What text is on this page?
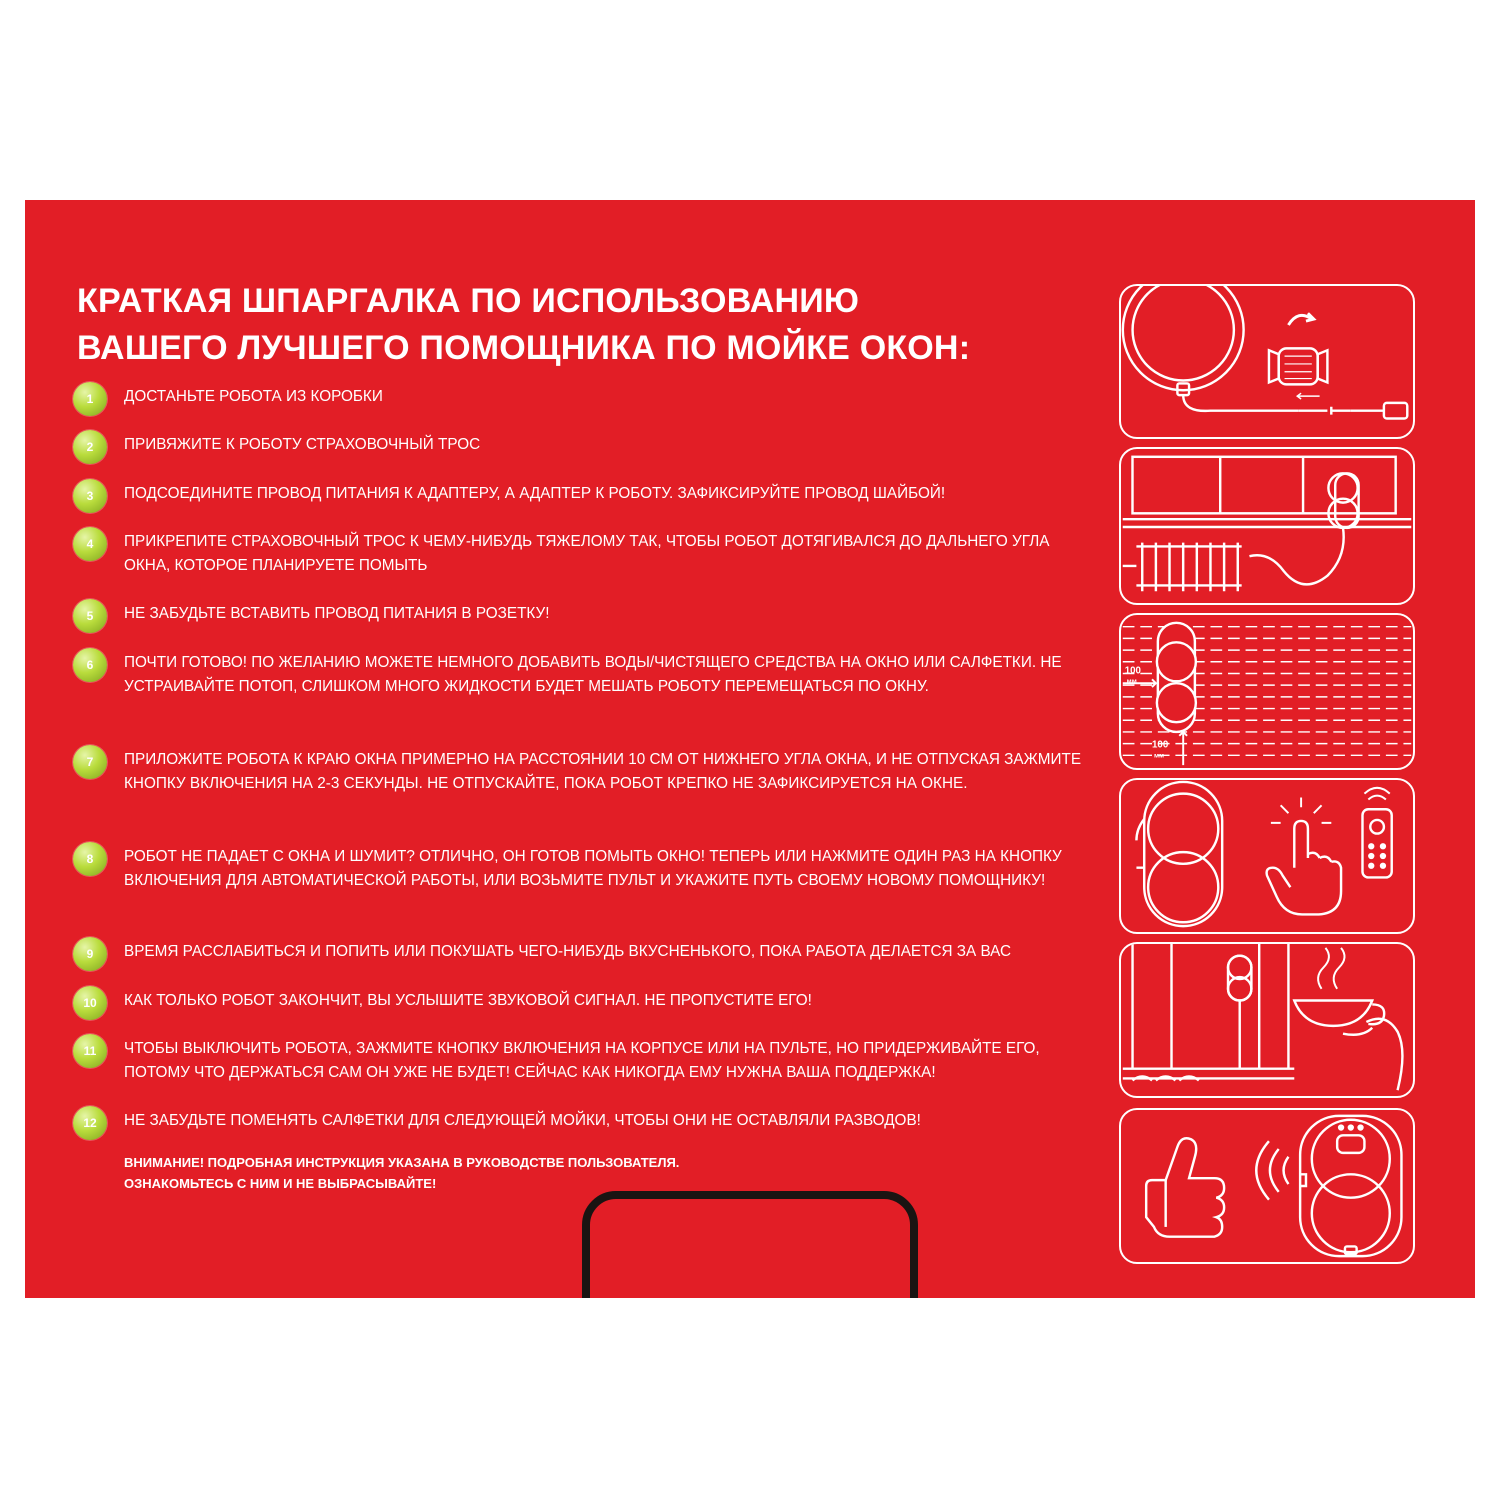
КРАТКАЯ ШПАРГАЛКА ПО ИСПОЛЬЗОВАНИЮ
ВАШЕГО ЛУЧШЕГО ПОМОЩНИКА ПО МОЙКЕ ОКОН:
1	ДОСТАНЬТЕ РОБОТА ИЗ КОРОБКИ
2	ПРИВЯЖИТЕ К РОБОТУ СТРАХОВОЧНЫЙ ТРОС
3	ПОДСОЕДИНИТЕ ПРОВОД ПИТАНИЯ К АДАПТЕРУ, А АДАПТЕР К РОБОТУ. ЗАФИКСИРУЙТЕ ПРОВОД ШАЙБОЙ!
4	ПРИКРЕПИТЕ СТРАХОВОЧНЫЙ ТРОС К ЧЕМУ-НИБУДЬ ТЯЖЕЛОМУ ТАК, ЧТОБЫ РОБОТ ДОТЯГИВАЛСЯ ДО ДАЛЬНЕГО УГЛА ОКНА, КОТОРОЕ ПЛАНИРУЕТЕ ПОМЫТЬ
5	НЕ ЗАБУДЬТЕ ВСТАВИТЬ ПРОВОД ПИТАНИЯ В РОЗЕТКУ!
6	ПОЧТИ ГОТОВО! ПО ЖЕЛАНИЮ МОЖЕТЕ НЕМНОГО ДОБАВИТЬ ВОДЫ/ЧИСТЯЩЕГО СРЕДСТВА НА ОКНО ИЛИ САЛФЕТКИ. НЕ УСТРАИВАЙТЕ ПОТОП, СЛИШКОМ МНОГО ЖИДКОСТИ БУДЕТ МЕШАТЬ РОБОТУ ПЕРЕМЕЩАТЬСЯ ПО ОКНУ.
7	ПРИЛОЖИТЕ РОБОТА К КРАЮ ОКНА ПРИМЕРНО НА РАССТОЯНИИ 10 СМ ОТ НИЖНЕГО УГЛА ОКНА, И НЕ ОТПУСКАЯ ЗАЖМИТЕ КНОПКУ ВКЛЮЧЕНИЯ НА 2-3 СЕКУНДЫ. НЕ ОТПУСКАЙТЕ, ПОКА РОБОТ КРЕПКО НЕ ЗАФИКСИРУЕТСЯ НА ОКНЕ.
8	РОБОТ НЕ ПАДАЕТ С ОКНА И ШУМИТ? ОТЛИЧНО, ОН ГОТОВ ПОМЫТЬ ОКНО! ТЕПЕРЬ ИЛИ НАЖМИТЕ ОДИН РАЗ НА КНОПКУ ВКЛЮЧЕНИЯ ДЛЯ АВТОМАТИЧЕСКОЙ РАБОТЫ, ИЛИ ВОЗЬМИТЕ ПУЛЬТ И УКАЖИТЕ ПУТЬ СВОЕМУ НОВОМУ ПОМОЩНИКУ!
9	ВРЕМЯ РАССЛАБИТЬСЯ И ПОПИТЬ ИЛИ ПОКУШАТЬ ЧЕГО-НИБУДЬ ВКУСНЕНЬКОГО, ПОКА РАБОТА ДЕЛАЕТСЯ ЗА ВАС
10	КАК ТОЛЬКО РОБОТ ЗАКОНЧИТ, ВЫ УСЛЫШИТЕ ЗВУКОВОЙ СИГНАЛ. НЕ ПРОПУСТИТЕ ЕГО!
11	ЧТОБЫ ВЫКЛЮЧИТЬ РОБОТА, ЗАЖМИТЕ КНОПКУ ВКЛЮЧЕНИЯ НА КОРПУСЕ ИЛИ НА ПУЛЬТЕ, НО ПРИДЕРЖИВАЙТЕ ЕГО, ПОТОМУ ЧТО ДЕРЖАТЬСЯ САМ ОН УЖЕ НЕ БУДЕТ! СЕЙЧАС КАК НИКОГДА ЕМУ НУЖНА ВАША ПОДДЕРЖКА!
12	НЕ ЗАБУДЬТЕ ПОМЕНЯТЬ САЛФЕТКИ ДЛЯ СЛЕДУЮЩЕЙ МОЙКИ, ЧТОБЫ ОНИ НЕ ОСТАВЛЯЛИ РАЗВОДОВ!
ВНИМАНИЕ! ПОДРОБНАЯ ИНСТРУКЦИЯ УКАЗАНА В РУКОВОДСТВЕ ПОЛЬЗОВАТЕЛЯ.
ОЗНАКОМЬТЕСЬ С НИМ И НЕ ВЫБРАСЫВАЙТЕ!
100
мм
100
мм
